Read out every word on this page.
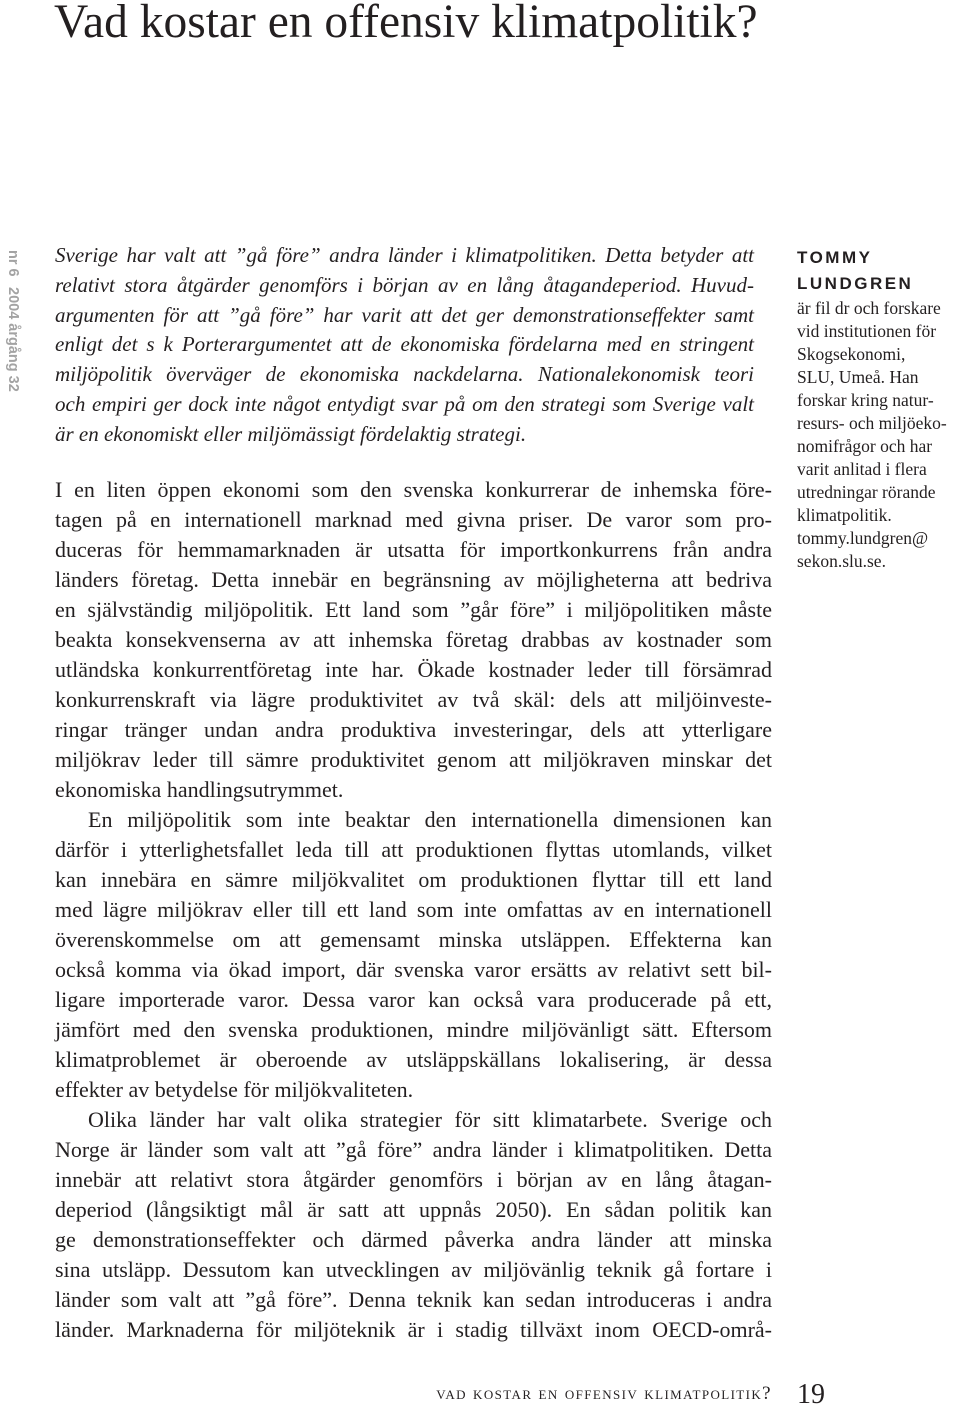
Vad kostar en offensiv klimatpolitik?
nr 62004 årgång 32
Sverige har valt att ”gå före” andra länder i klimatpolitiken. Detta betyder att
relativt stora åtgärder genomförs i början av en lång åtagandeperiod. Huvud-
argumenten för att ”gå före” har varit att det ger demonstrationseffekter samt
enligt det s k Porterargumentet att de ekonomiska fördelarna med en stringent
miljöpolitik överväger de ekonomiska nackdelarna. Nationalekonomisk teori
och empiri ger dock inte något entydigt svar på om den strategi som Sverige valt
är en ekonomiskt eller miljömässigt fördelaktig strategi.
I en liten öppen ekonomi som den svenska konkurrerar de inhemska före-
tagen på en internationell marknad med givna priser. De varor som pro-
duceras för hemmamarknaden är utsatta för importkonkurrens från andra
länders företag. Detta innebär en begränsning av möjligheterna att bedriva
en självständig miljöpolitik. Ett land som ”går före” i miljöpolitiken måste
beakta konsekvenserna av att inhemska företag drabbas av kostnader som
utländska konkurrentföretag inte har. Ökade kostnader leder till försämrad
konkurrenskraft via lägre produktivitet av två skäl: dels att miljöinveste-
ringar tränger undan andra produktiva investeringar, dels att ytterligare
miljökrav leder till sämre produktivitet genom att miljökraven minskar det
ekonomiska handlingsutrymmet.
En miljöpolitik som inte beaktar den internationella dimensionen kan
därför i ytterlighetsfallet leda till att produktionen flyttas utomlands, vilket
kan innebära en sämre miljökvalitet om produktionen flyttar till ett land
med lägre miljökrav eller till ett land som inte omfattas av en internationell
överenskommelse om att gemensamt minska utsläppen. Effekterna kan
också komma via ökad import, där svenska varor ersätts av relativt sett bil-
ligare importerade varor. Dessa varor kan också vara producerade på ett,
jämfört med den svenska produktionen, mindre miljövänligt sätt. Eftersom
klimatproblemet är oberoende av utsläppskällans lokalisering, är dessa
effekter av betydelse för miljökvaliteten.
Olika länder har valt olika strategier för sitt klimatarbete. Sverige och
Norge är länder som valt att ”gå före” andra länder i klimatpolitiken. Detta
innebär att relativt stora åtgärder genomförs i början av en lång åtagan-
deperiod (långsiktigt mål är satt att uppnås 2050). En sådan politik kan
ge demonstrationseffekter och därmed påverka andra länder att minska
sina utsläpp. Dessutom kan utvecklingen av miljövänlig teknik gå fortare i
länder som valt att ”gå före”. Denna teknik kan sedan introduceras i andra
länder. Marknaderna för miljöteknik är i stadig tillväxt inom OECD-områ-
TOMMY
LUNDGREN
är fil dr och forskare
vid institutionen för
Skogsekonomi,
SLU, Umeå. Han
forskar kring natur-
resurs- och miljöeko-
nomifrågor och har
varit anlitad i flera
utredningar rörande
klimatpolitik.
tommy.lundgren@
sekon.slu.se.
vad kostar en offensiv klimatpolitik? 19
